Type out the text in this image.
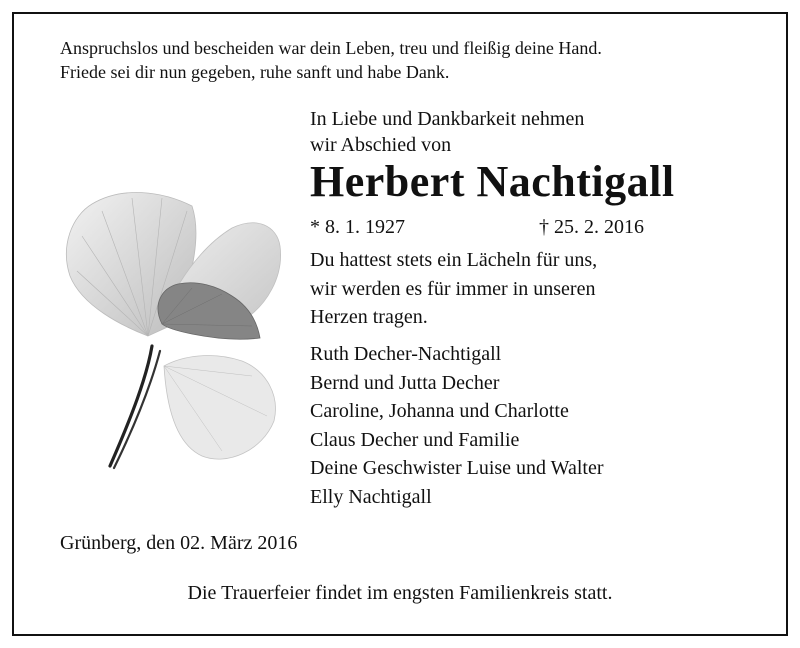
Anspruchslos und bescheiden war dein Leben, treu und fleißig deine Hand.
Friede sei dir nun gegeben, ruhe sanft und habe Dank.
In Liebe und Dankbarkeit nehmen
wir Abschied von
Herbert Nachtigall
* 8. 1. 1927	† 25. 2. 2016
Du hattest stets ein Lächeln für uns,
wir werden es für immer in unseren
Herzen tragen.
Ruth Decher-Nachtigall
Bernd und Jutta Decher
Caroline, Johanna und Charlotte
Claus Decher und Familie
Deine Geschwister Luise und Walter
Elly Nachtigall
Grünberg, den 02. März 2016
Die Trauerfeier findet im engsten Familienkreis statt.
